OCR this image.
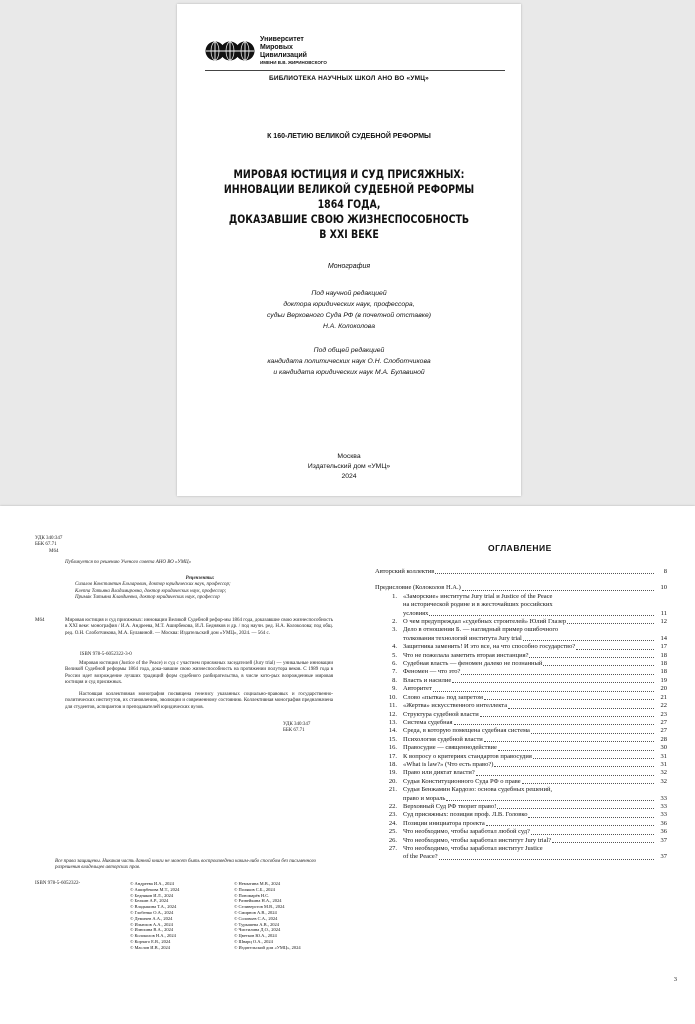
Университет
Мировых
Цивилизаций
ИМЕНИ В.В. ЖИРИНОВСКОГО
БИБЛИОТЕКА НАУЧНЫХ ШКОЛ АНО ВО «УМЦ»
К 160-ЛЕТИЮ ВЕЛИКОЙ СУДЕБНОЙ РЕФОРМЫ
МИРОВАЯ ЮСТИЦИЯ И СУД ПРИСЯЖНЫХ:
ИННОВАЦИИ ВЕЛИКОЙ СУДЕБНОЙ РЕФОРМЫ
1864 ГОДА,
ДОКАЗАВШИЕ СВОЮ ЖИЗНЕСПОСОБНОСТЬ
В XXI ВЕКЕ
Монография
Под научной редакцией
доктора юридических наук, профессора,
судьи Верховного Суда РФ (в почетной отставке)
Н.А. Колоколова
Под общей редакцией
кандидата политических наук О.Н. Слоботчикова
и кандидата юридических наук М.А. Булавиной
Москва
Издательский дом «УМЦ»
2024
УДК 340:347
ББК 67.71
М64
Публикуется по решению Ученого совета АНО ВО «УМЦ»
Рецензенты:
Сизалов Константин Ельзарович, доктор юридических наук, профессор;
Клеппа Татьяна Владимировна, доктор юридических наук, профессор;
Прима̀к Татьяна Клавдиевна, доктор юридических наук, профессор
М64	Мировая юстиция и суд присяжных: инновации Великой Судебной рефор-мы 1864 года, доказавшие свою жизнеспособность в XXI веке: монография / И.А. Андреева, М.Т. Аширбекова, И.Л. Бедняков и др. / под научн. ред. Н.А. Колоколова; под общ. ред. О.Н. Слоботчикова, М.А. Булавиной. — Москва: Издательский дом «УМЦ», 2024. — 564 с.
ISBN 978-5-6052322-3-0
Мировая юстиция (Justice of the Peace) и суд с участием присяжных заседателей (Jury trial) — уникальные инновации Великой Судебной реформы 1864 года, дока-завшие свою жизнеспособность на протяжении полутора веков. С 1989 года в России идет возрождение лучших традиций форм судебного разбирательства, в числе кото-рых возрожденные мировая юстиция и суд присяжных.
Настоящая коллективная монография посвящена генезису указанных социально-правовых и государственно-политических институтов, их становлению, эволюции и современному состоянию. Коллективная монография предназначена для студентов, аспирантов и преподавателей юридических вузов.
УДК 340:347
ББК 67.71
Все права защищены. Никакая часть данной книги не может быть воспроизведена каким-либо способом без письменного разрешения владельцев авторских прав.
ISBN 978-5-6052322-	© Андреева И.А., 2024	© Немытина М.В., 2024
© Аширбекова М.Т., 2024	© Поляков С.Б., 2024
© Бедняков И.Л., 2024	© Пономарёв Н.С.
© Белкин А.Р., 2024	© Развейкина Н.А., 2024
© Владыкина Т.А., 2024	© Селиверстов М.В., 2024
© Глобенко О.А., 2024	© Смирнов А.В., 2024
© Демичев А.А., 2024	© Соловьев С.А., 2024
© Ильюхов А.А., 2024	© Турышева А.В., 2024
© Илюхина В.А., 2024	© Чистилина Д.О., 2024
© Колоколов Н.А., 2024	© Цветков Ю.А., 2024
© Корчаго Е.В., 2024	© Шварц О.А., 2024
© Маслов И.В., 2024	© Издательский дом «УМЦ», 2024
ОГЛАВЛЕНИЕ
Авторский коллектив	8
Предисловие (Колоколов Н.А.)	10
1. «Заморские» институты Jury trial и Justice of the Peace
на исторической родине и в жесточайших российских
условиях	11
2. О чем предупреждал «судебных строителей» Юлий Глазер	12
3. Дело в отношении Б. — наглядный пример ошибочного
толкования технологий института Jury trial	14
4. Защитника заменить! И это все, на что способно государство?	17
5. Что не пожелала заметить вторая инстанция?	18
6. Судебная власть — феномен далеко не познанный	18
7. Феномен — что это?	18
8. Власть и насилие	19
9. Авторитет	20
10. Слово «пытка» под запретом	21
11. «Жертва» искусственного интеллекта	22
12. Структура судебной власти	23
13. Система судебная	27
14. Среда, в которую помещена судебная система	27
15. Психология судебной власти	28
16. Правосудие — священнодействие	30
17. К вопросу о критериях стандартов правосудия	31
18. «What is law?» (Что есть право?)	31
19. Право или диктат власти?	32
20. Судьи Конституционного Суда РФ о праве	32
21. Судьи Бенжамин Кардозо: основа судебных решений,
право и мораль	33
22. Верховный Суд РФ творит право!	33
23. Суд присяжных: позиция проф. Л.В. Головко	33
24. Позиции инициатора проекта	36
25. Что необходимо, чтобы заработал любой суд?	36
26. Что необходимо, чтобы заработал институт Jury trial?	37
27. Что необходимо, чтобы заработал институт Justice
of the Peace?	37
3
